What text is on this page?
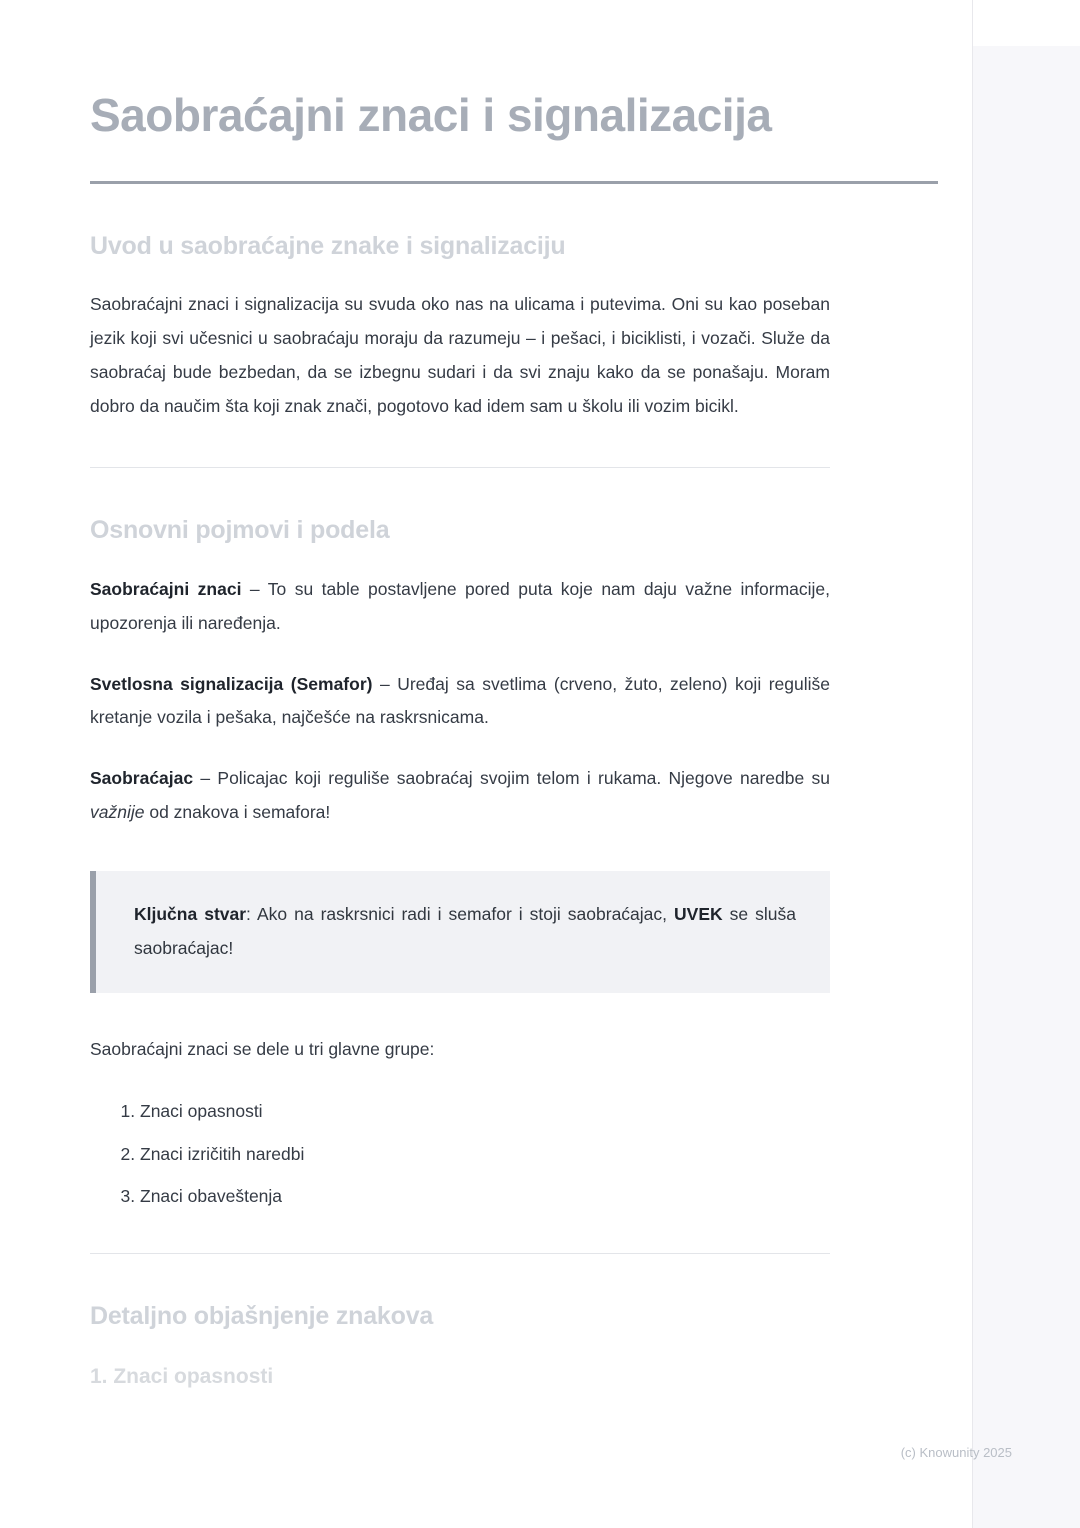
Saobraćajni znaci i signalizacija
Uvod u saobraćajne znake i signalizaciju

Saobraćajni znaci i signalizacija su svuda oko nas na ulicama i putevima. Oni su kao poseban jezik koji svi učesnici u saobraćaju moraju da razumeju – i pešaci, i biciklisti, i vozači. Služe da saobraćaj bude bezbedan, da se izbegnu sudari i da svi znaju kako da se ponašaju. Moram dobro da naučim šta koji znak znači, pogotovo kad idem sam u školu ili vozim bicikl.

Osnovni pojmovi i podela

Saobraćajni znaci – To su table postavljene pored puta koje nam daju važne informacije, upozorenja ili naređenja.

Svetlosna signalizacija (Semafor) – Uređaj sa svetlima (crveno, žuto, zeleno) koji reguliše kretanje vozila i pešaka, najčešće na raskrsnicama.

Saobraćajac – Policajac koji reguliše saobraćaj svojim telom i rukama. Njegove naredbe su važnije od znakova i semafora!

Ključna stvar: Ako na raskrsnici radi i semafor i stoji saobraćajac, UVEK se sluša saobraćajac!

Saobraćajni znaci se dele u tri glavne grupe:

1. Znaci opasnosti
2. Znaci izričitih naredbi
3. Znaci obaveštenja
Detaljno objašnjenje znakova
1. Znaci opasnosti
(c) Knowunity 2025
